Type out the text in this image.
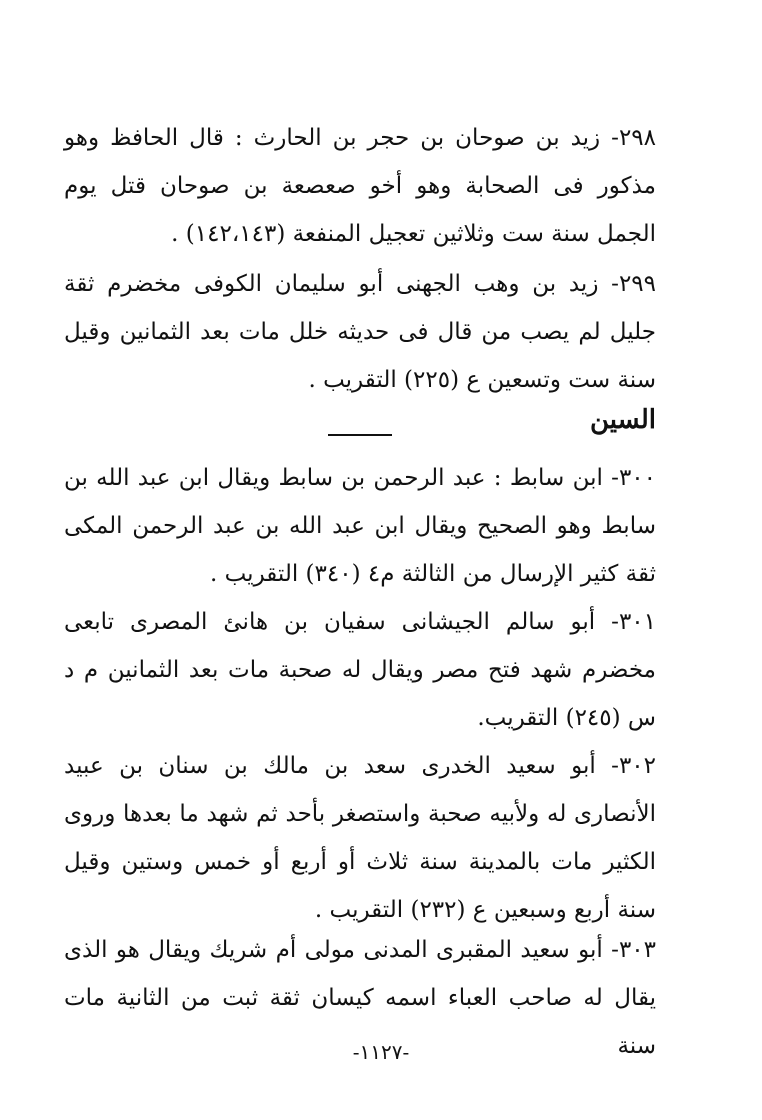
٢٩٨- زيد بن صوحان بن حجر بن الحارث : قال الحافظ وهو مذكور فى الصحابة وهو أخو صعصعة بن صوحان قتل يوم الجمل سنة ست وثلاثين تعجيل المنفعة (١٤٢،١٤٣) .

٢٩٩- زيد بن وهب الجهنى أبو سليمان الكوفى مخضرم ثقة جليل لم يصب من قال فى حديثه خلل مات بعد الثمانين وقيل سنة ست وتسعين ع (٢٢٥) التقريب .

السين

٣٠٠- ابن سابط : عبد الرحمن بن سابط ويقال ابن عبد الله بن سابط وهو الصحيح ويقال ابن عبد الله بن عبد الرحمن المكى ثقة كثير الإرسال من الثالثة م٤ (٣٤٠) التقريب .

٣٠١- أبو سالم الجيشانى سفيان بن هانئ المصرى تابعى مخضرم شهد فتح مصر ويقال له صحبة مات بعد الثمانين م د س (٢٤٥) التقريب.

٣٠٢- أبو سعيد الخدرى سعد بن مالك بن سنان بن عبيد الأنصارى له ولأبيه صحبة واستصغر بأحد ثم شهد ما بعدها وروى الكثير مات بالمدينة سنة ثلاث أو أربع أو خمس وستين وقيل سنة أربع وسبعين ع (٢٣٢) التقريب .

٣٠٣- أبو سعيد المقبرى المدنى مولى أم شريك ويقال هو الذى يقال له صاحب العباء اسمه كيسان ثقة ثبت من الثانية مات سنة

-١١٢٧-
